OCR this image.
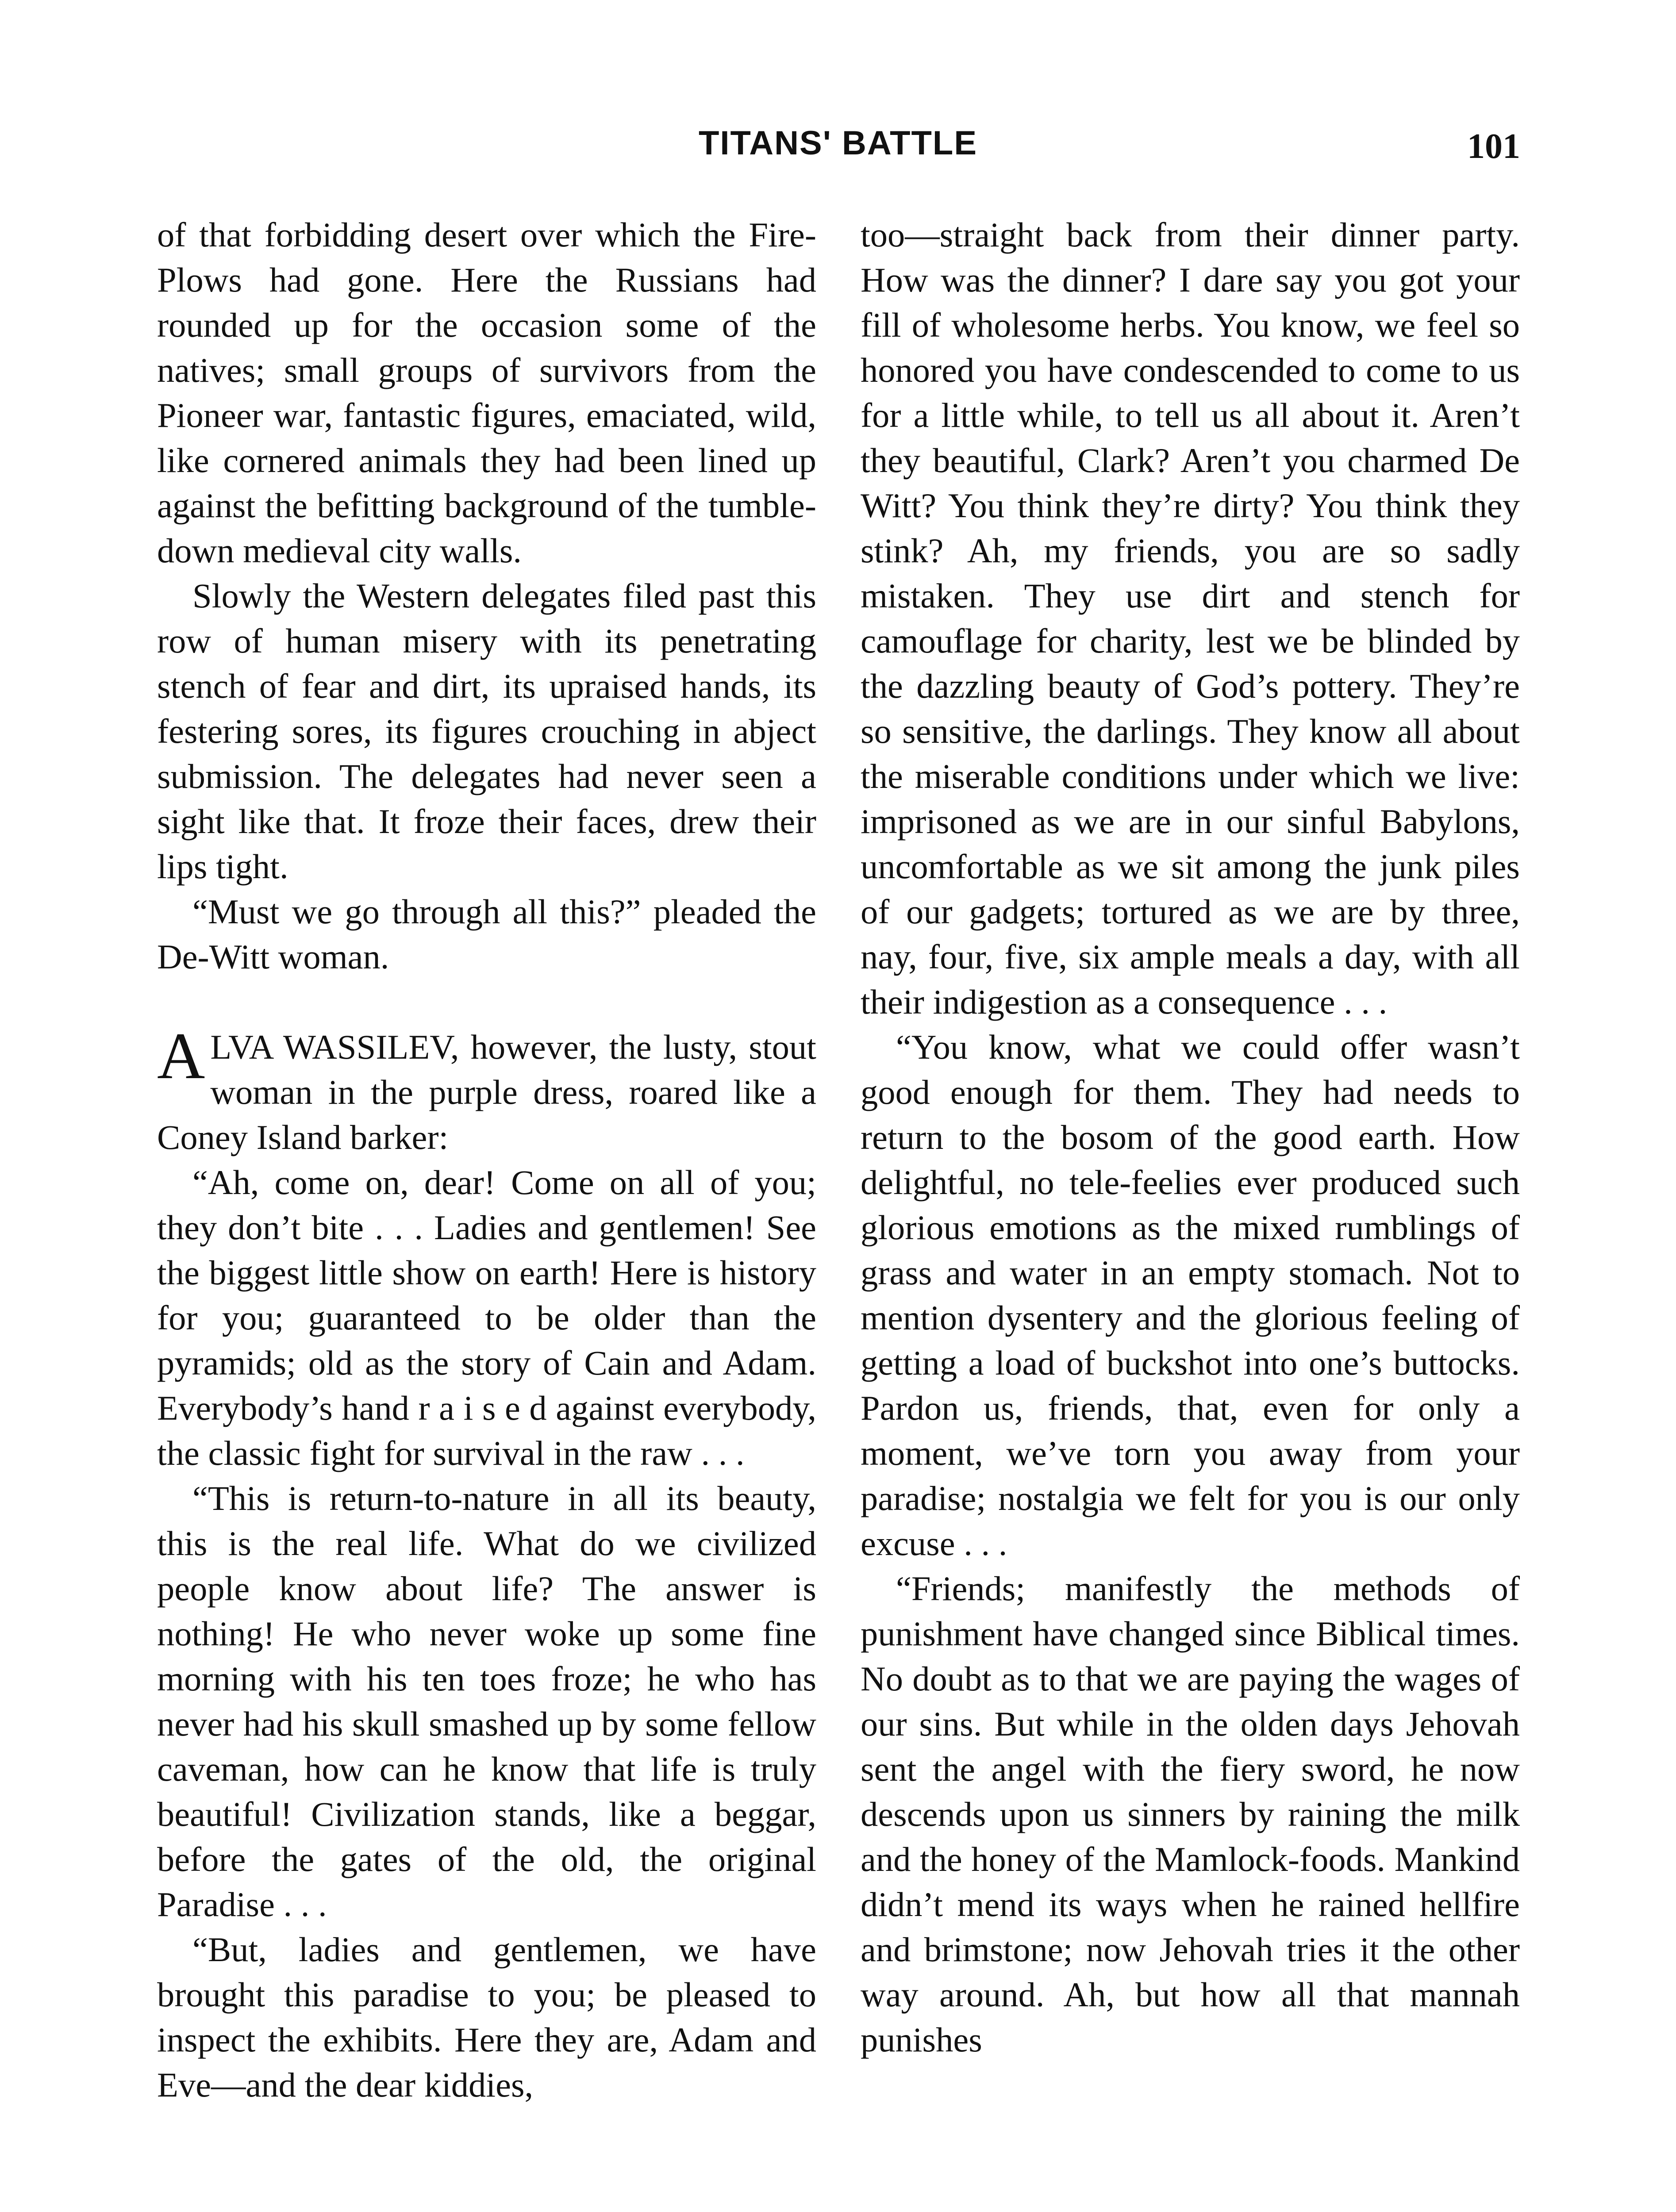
TITANS' BATTLE	101

of that forbidding desert over which the Fire-Plows had gone. Here the Russians had rounded up for the occasion some of the natives; small groups of survivors from the Pioneer war, fantastic figures, emaciated, wild, like cornered animals they had been lined up against the befitting background of the tumble-down medieval city walls.

Slowly the Western delegates filed past this row of human misery with its penetrating stench of fear and dirt, its upraised hands, its festering sores, its figures crouching in abject submission. The delegates had never seen a sight like that. It froze their faces, drew their lips tight.

“Must we go through all this?” pleaded the De-Witt woman.

ALVA WASSILEV, however, the lusty, stout woman in the purple dress, roared like a Coney Island barker:

“Ah, come on, dear! Come on all of you; they don’t bite . . . Ladies and gentlemen! See the biggest little show on earth! Here is history for you; guaranteed to be older than the pyramids; old as the story of Cain and Adam. Everybody’s hand r a i s e d against everybody, the classic fight for survival in the raw . . .

“This is return-to-nature in all its beauty, this is the real life. What do we civilized people know about life? The answer is nothing! He who never woke up some fine morning with his ten toes froze; he who has never had his skull smashed up by some fellow caveman, how can he know that life is truly beautiful! Civilization stands, like a beggar, before the gates of the old, the original Paradise . . .

“But, ladies and gentlemen, we have brought this paradise to you; be pleased to inspect the exhibits. Here they are, Adam and Eve—and the dear kiddies,

too—straight back from their dinner party. How was the dinner? I dare say you got your fill of wholesome herbs. You know, we feel so honored you have condescended to come to us for a little while, to tell us all about it. Aren’t they beautiful, Clark? Aren’t you charmed De Witt? You think they’re dirty? You think they stink? Ah, my friends, you are so sadly mistaken. They use dirt and stench for camouflage for charity, lest we be blinded by the dazzling beauty of God’s pottery. They’re so sensitive, the darlings. They know all about the miserable conditions under which we live: imprisoned as we are in our sinful Babylons, uncomfortable as we sit among the junk piles of our gadgets; tortured as we are by three, nay, four, five, six ample meals a day, with all their indigestion as a consequence . . .

“You know, what we could offer wasn’t good enough for them. They had needs to return to the bosom of the good earth. How delightful, no tele-feelies ever produced such glorious emotions as the mixed rumblings of grass and water in an empty stomach. Not to mention dysentery and the glorious feeling of getting a load of buckshot into one’s buttocks. Pardon us, friends, that, even for only a moment, we’ve torn you away from your paradise; nostalgia we felt for you is our only excuse . . .

“Friends; manifestly the methods of punishment have changed since Biblical times. No doubt as to that we are paying the wages of our sins. But while in the olden days Jehovah sent the angel with the fiery sword, he now descends upon us sinners by raining the milk and the honey of the Mamlock-foods. Mankind didn’t mend its ways when he rained hellfire and brimstone; now Jehovah tries it the other way around. Ah, but how all that mannah punishes
